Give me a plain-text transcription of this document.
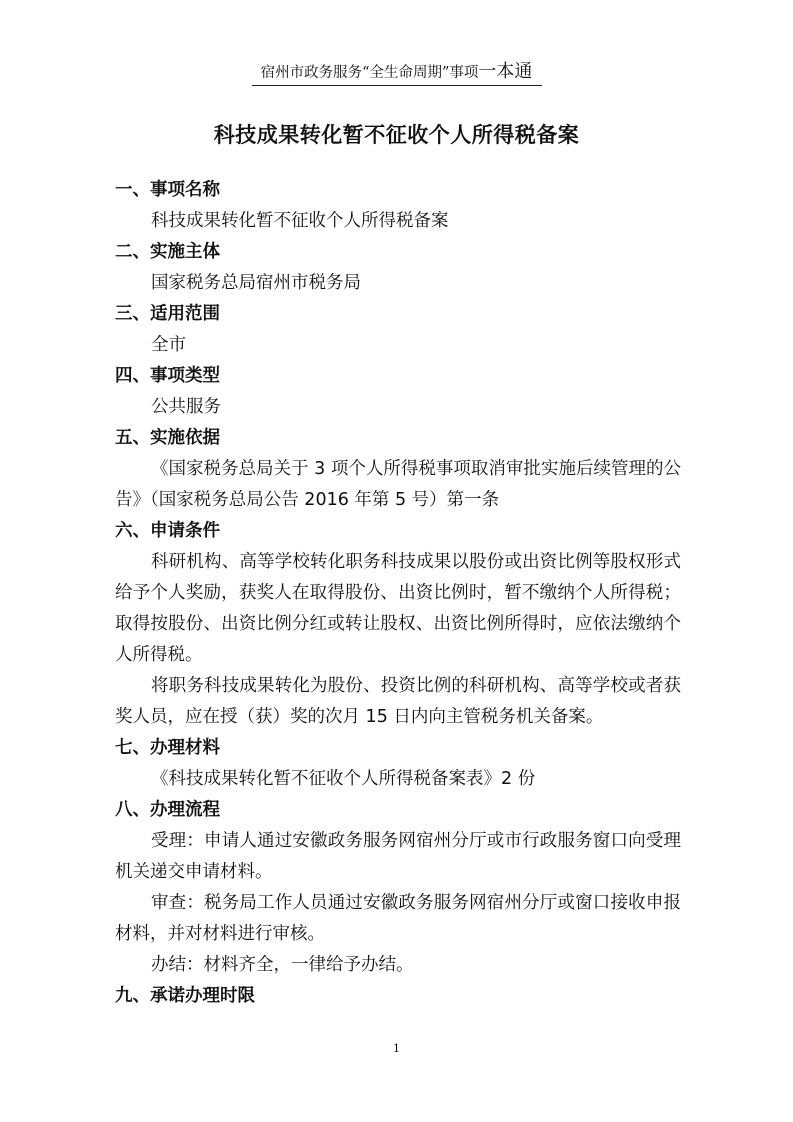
宿州市政务服务“全生命周期”事项一本通
科技成果转化暂不征收个人所得税备案
一、事项名称
科技成果转化暂不征收个人所得税备案
二、实施主体
国家税务总局宿州市税务局
三、适用范围
全市
四、事项类型
公共服务
五、实施依据
《国家税务总局关于 3 项个人所得税事项取消审批实施后续管理的公告》（国家税务总局公告 2016 年第 5 号）第一条
六、申请条件
科研机构、高等学校转化职务科技成果以股份或出资比例等股权形式给予个人奖励，获奖人在取得股份、出资比例时，暂不缴纳个人所得税；取得按股份、出资比例分红或转让股权、出资比例所得时，应依法缴纳个人所得税。
将职务科技成果转化为股份、投资比例的科研机构、高等学校或者获奖人员，应在授（获）奖的次月 15 日内向主管税务机关备案。
七、办理材料
《科技成果转化暂不征收个人所得税备案表》2 份
八、办理流程
受理：申请人通过安徽政务服务网宿州分厅或市行政服务窗口向受理机关递交申请材料。
审查：税务局工作人员通过安徽政务服务网宿州分厅或窗口接收申报材料，并对材料进行审核。
办结：材料齐全，一律给予办结。
九、承诺办理时限
1
